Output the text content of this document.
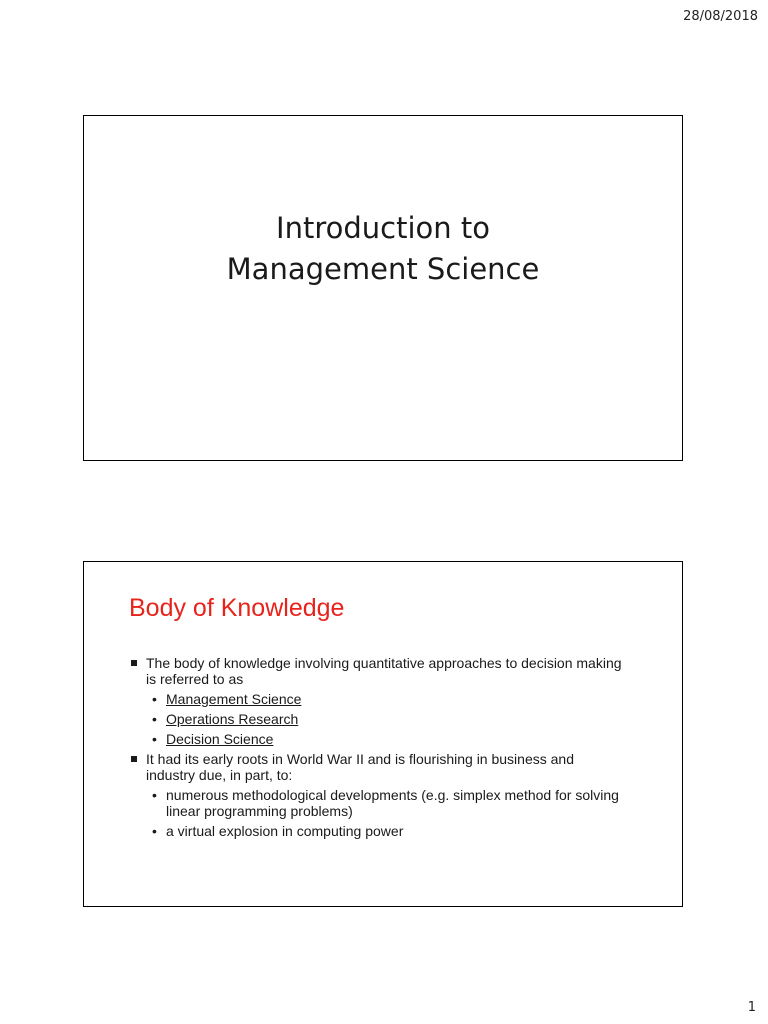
28/08/2018
Introduction to
Management Science
Body of Knowledge
The body of knowledge involving quantitative approaches to decision making is referred to as
• Management Science
• Operations Research
• Decision Science
It had its early roots in World War II and is flourishing in business and industry due, in part, to:
• numerous methodological developments (e.g. simplex method for solving linear programming problems)
• a virtual explosion in computing power
1
